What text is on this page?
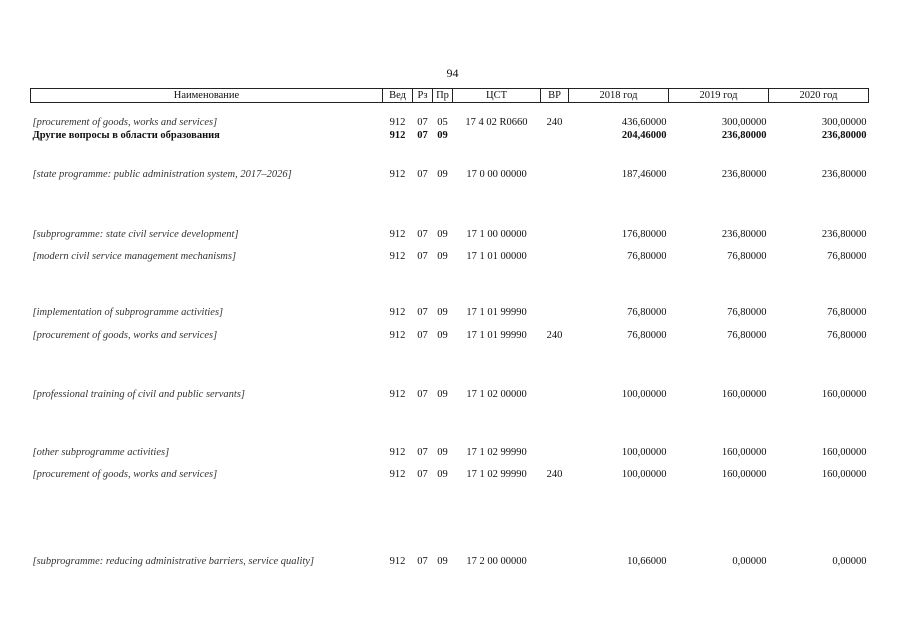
94
Наименование	Вед	Рз	Пр	ЦСТ	ВР	2018 год	2019 год	2020 год
[procurement of goods, works and services]	912	07	05	17 4 02 R0660	240	436,60000	300,00000	300,00000
Другие вопросы в области образования	912	07	09			204,46000	236,80000	236,80000
[state programme: public administration system, 2017–2026]	912	07	09	17 0 00 00000		187,46000	236,80000	236,80000
[subprogramme: state civil service development]	912	07	09	17 1 00 00000		176,80000	236,80000	236,80000
[modern civil service management mechanisms]	912	07	09	17 1 01 00000		76,80000	76,80000	76,80000
[implementation of subprogramme activities]	912	07	09	17 1 01 99990		76,80000	76,80000	76,80000
[procurement of goods, works and services]	912	07	09	17 1 01 99990	240	76,80000	76,80000	76,80000
[professional training of civil and public servants]	912	07	09	17 1 02 00000		100,00000	160,00000	160,00000
[other subprogramme activities]	912	07	09	17 1 02 99990		100,00000	160,00000	160,00000
[procurement of goods, works and services]	912	07	09	17 1 02 99990	240	100,00000	160,00000	160,00000
[subprogramme: reducing administrative barriers, service quality]	912	07	09	17 2 00 00000		10,66000	0,00000	0,00000
